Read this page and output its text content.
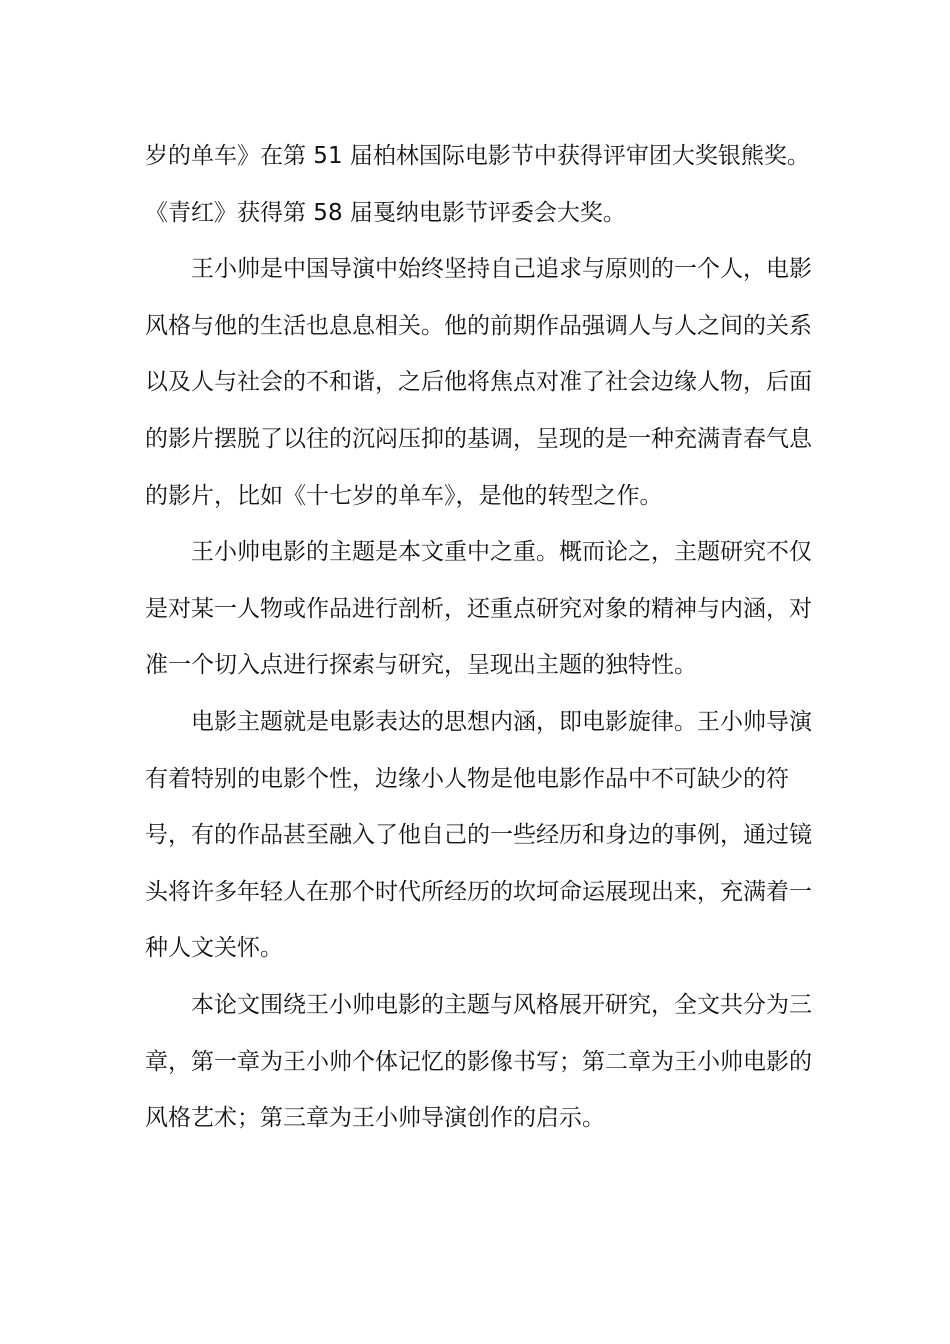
岁的单车》在第 51 届柏林国际电影节中获得评审团大奖银熊奖。
《青红》获得第 58 届戛纳电影节评委会大奖。
王小帅是中国导演中始终坚持自己追求与原则的一个人，电影
风格与他的生活也息息相关。他的前期作品强调人与人之间的关系
以及人与社会的不和谐，之后他将焦点对准了社会边缘人物，后面
的影片摆脱了以往的沉闷压抑的基调，呈现的是一种充满青春气息
的影片，比如《十七岁的单车》，是他的转型之作。
王小帅电影的主题是本文重中之重。概而论之，主题研究不仅
是对某一人物或作品进行剖析，还重点研究对象的精神与内涵，对
准一个切入点进行探索与研究，呈现出主题的独特性。
电影主题就是电影表达的思想内涵，即电影旋律。王小帅导演
有着特别的电影个性，边缘小人物是他电影作品中不可缺少的符
号，有的作品甚至融入了他自己的一些经历和身边的事例，通过镜
头将许多年轻人在那个时代所经历的坎坷命运展现出来，充满着一
种人文关怀。
本论文围绕王小帅电影的主题与风格展开研究，全文共分为三
章，第一章为王小帅个体记忆的影像书写；第二章为王小帅电影的
风格艺术；第三章为王小帅导演创作的启示。
